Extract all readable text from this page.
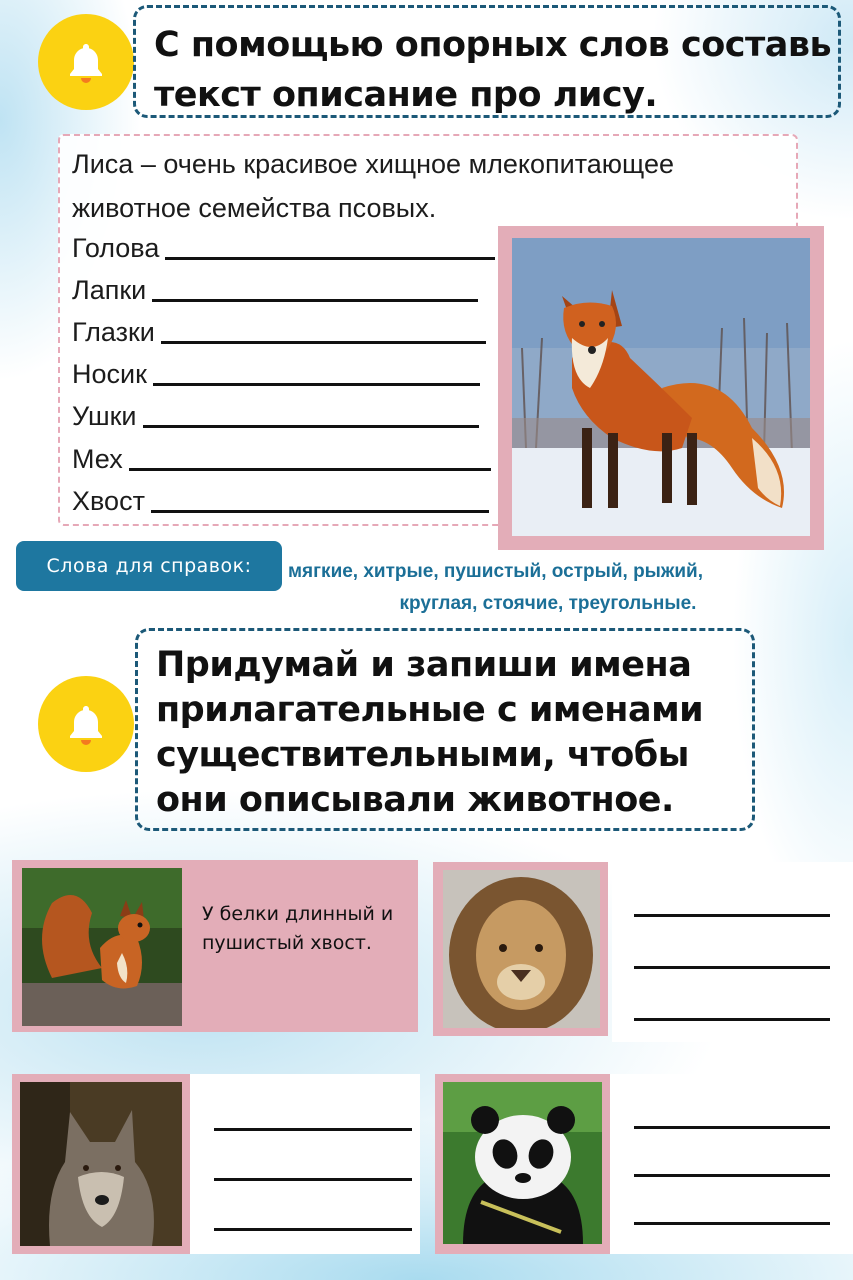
С помощью опорных слов составь текст описание про лису.
Лиса – очень красивое хищное млекопитающее животное семейства псовых.
Голова
Лапки
Глазки
Носик
Ушки
Мех
Хвост
Слова для справок:	мягкие, хитрые, пушистый, острый, рыжий,
круглая, стоячие, треугольные.
Придумай и запиши имена прилагательные с именами существительными, чтобы они описывали животное.
У белки длинный и пушистый хвост.
